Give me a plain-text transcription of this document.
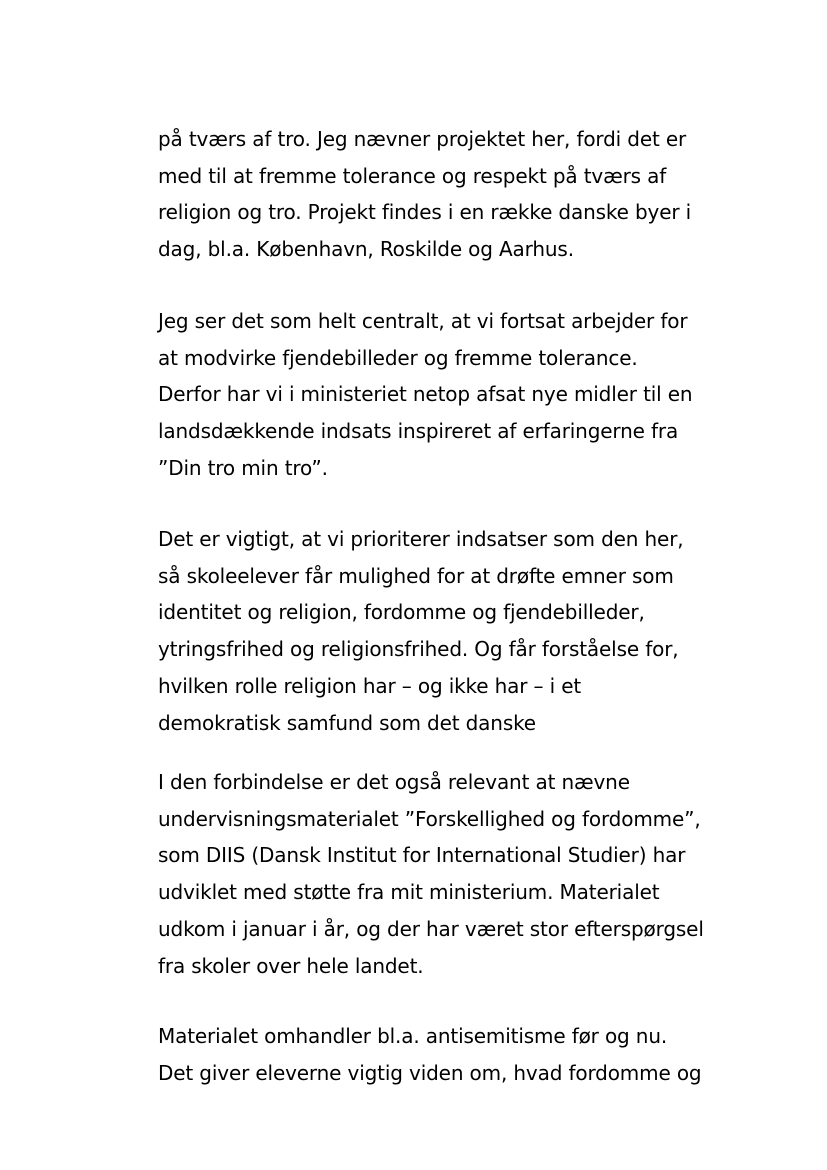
på tværs af tro. Jeg nævner projektet her, fordi det er
med til at fremme tolerance og respekt på tværs af
religion og tro. Projekt findes i en række danske byer i
dag, bl.a. København, Roskilde og Aarhus.

Jeg ser det som helt centralt, at vi fortsat arbejder for
at modvirke fjendebilleder og fremme tolerance.
Derfor har vi i ministeriet netop afsat nye midler til en
landsdækkende indsats inspireret af erfaringerne fra
”Din tro min tro”.

Det er vigtigt, at vi prioriterer indsatser som den her,
så skoleelever får mulighed for at drøfte emner som
identitet og religion, fordomme og fjendebilleder,
ytringsfrihed og religionsfrihed. Og får forståelse for,
hvilken rolle religion har – og ikke har – i et
demokratisk samfund som det danske

I den forbindelse er det også relevant at nævne
undervisningsmaterialet ”Forskellighed og fordomme”,
som DIIS (Dansk Institut for International Studier) har
udviklet med støtte fra mit ministerium. Materialet
udkom i januar i år, og der har været stor efterspørgsel
fra skoler over hele landet.

Materialet omhandler bl.a. antisemitisme før og nu.
Det giver eleverne vigtig viden om, hvad fordomme og
